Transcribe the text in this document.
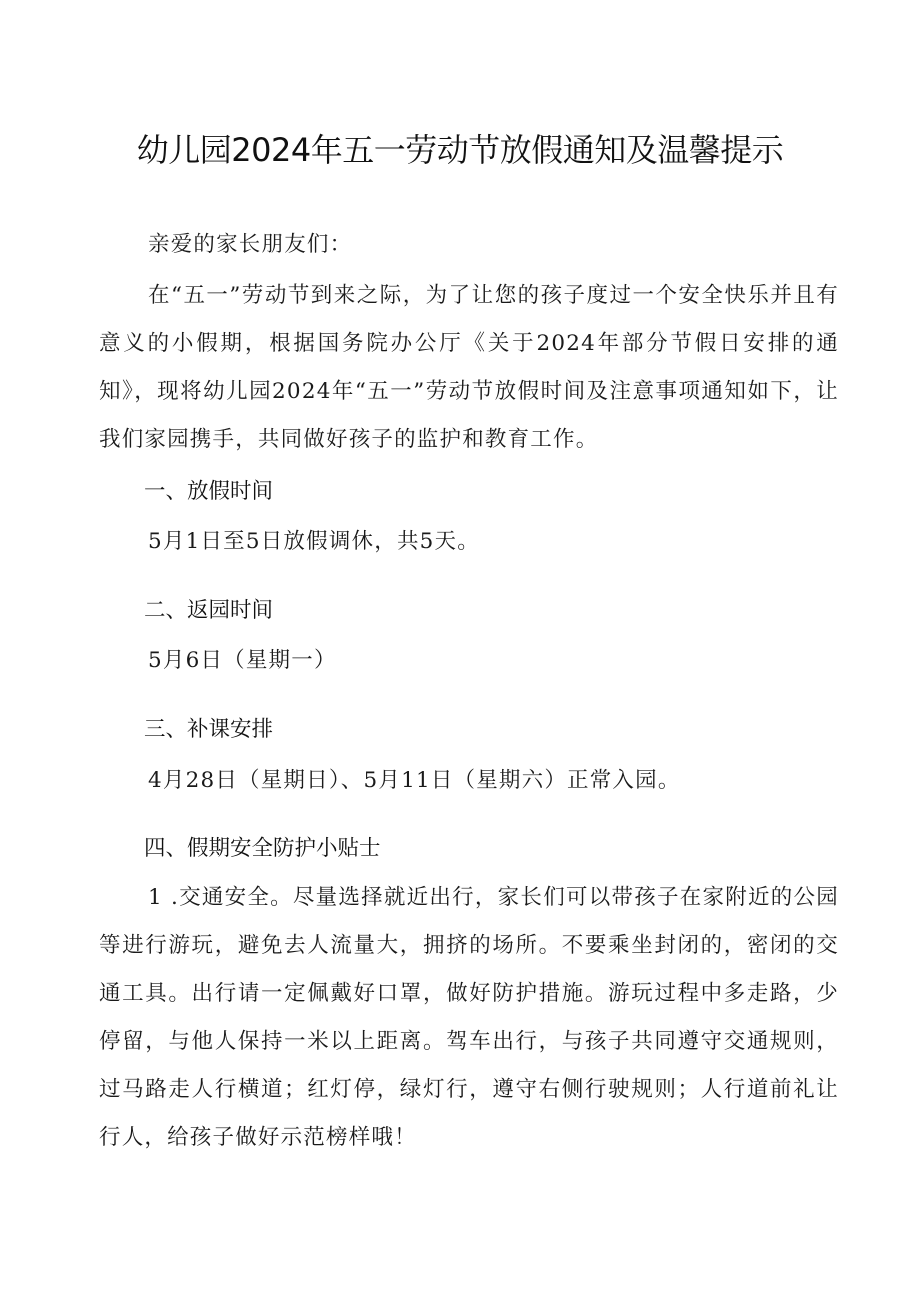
幼儿园2024年五一劳动节放假通知及温馨提示

亲爱的家长朋友们：

在“五一”劳动节到来之际，为了让您的孩子度过一个安全快乐并且有意义的小假期，根据国务院办公厅《关于2024年部分节假日安排的通知》，现将幼儿园2024年“五一”劳动节放假时间及注意事项通知如下，让我们家园携手，共同做好孩子的监护和教育工作。

一、放假时间

5月1日至5日放假调休，共5天。

二、返园时间

5月6日（星期一）

三、补课安排

4月28日（星期日）、5月11日（星期六）正常入园。

四、假期安全防护小贴士

1 .交通安全。尽量选择就近出行，家长们可以带孩子在家附近的公园等进行游玩，避免去人流量大，拥挤的场所。不要乘坐封闭的，密闭的交通工具。出行请一定佩戴好口罩，做好防护措施。游玩过程中多走路，少停留，与他人保持一米以上距离。驾车出行，与孩子共同遵守交通规则，过马路走人行横道；红灯停，绿灯行，遵守右侧行驶规则；人行道前礼让行人，给孩子做好示范榜样哦！
